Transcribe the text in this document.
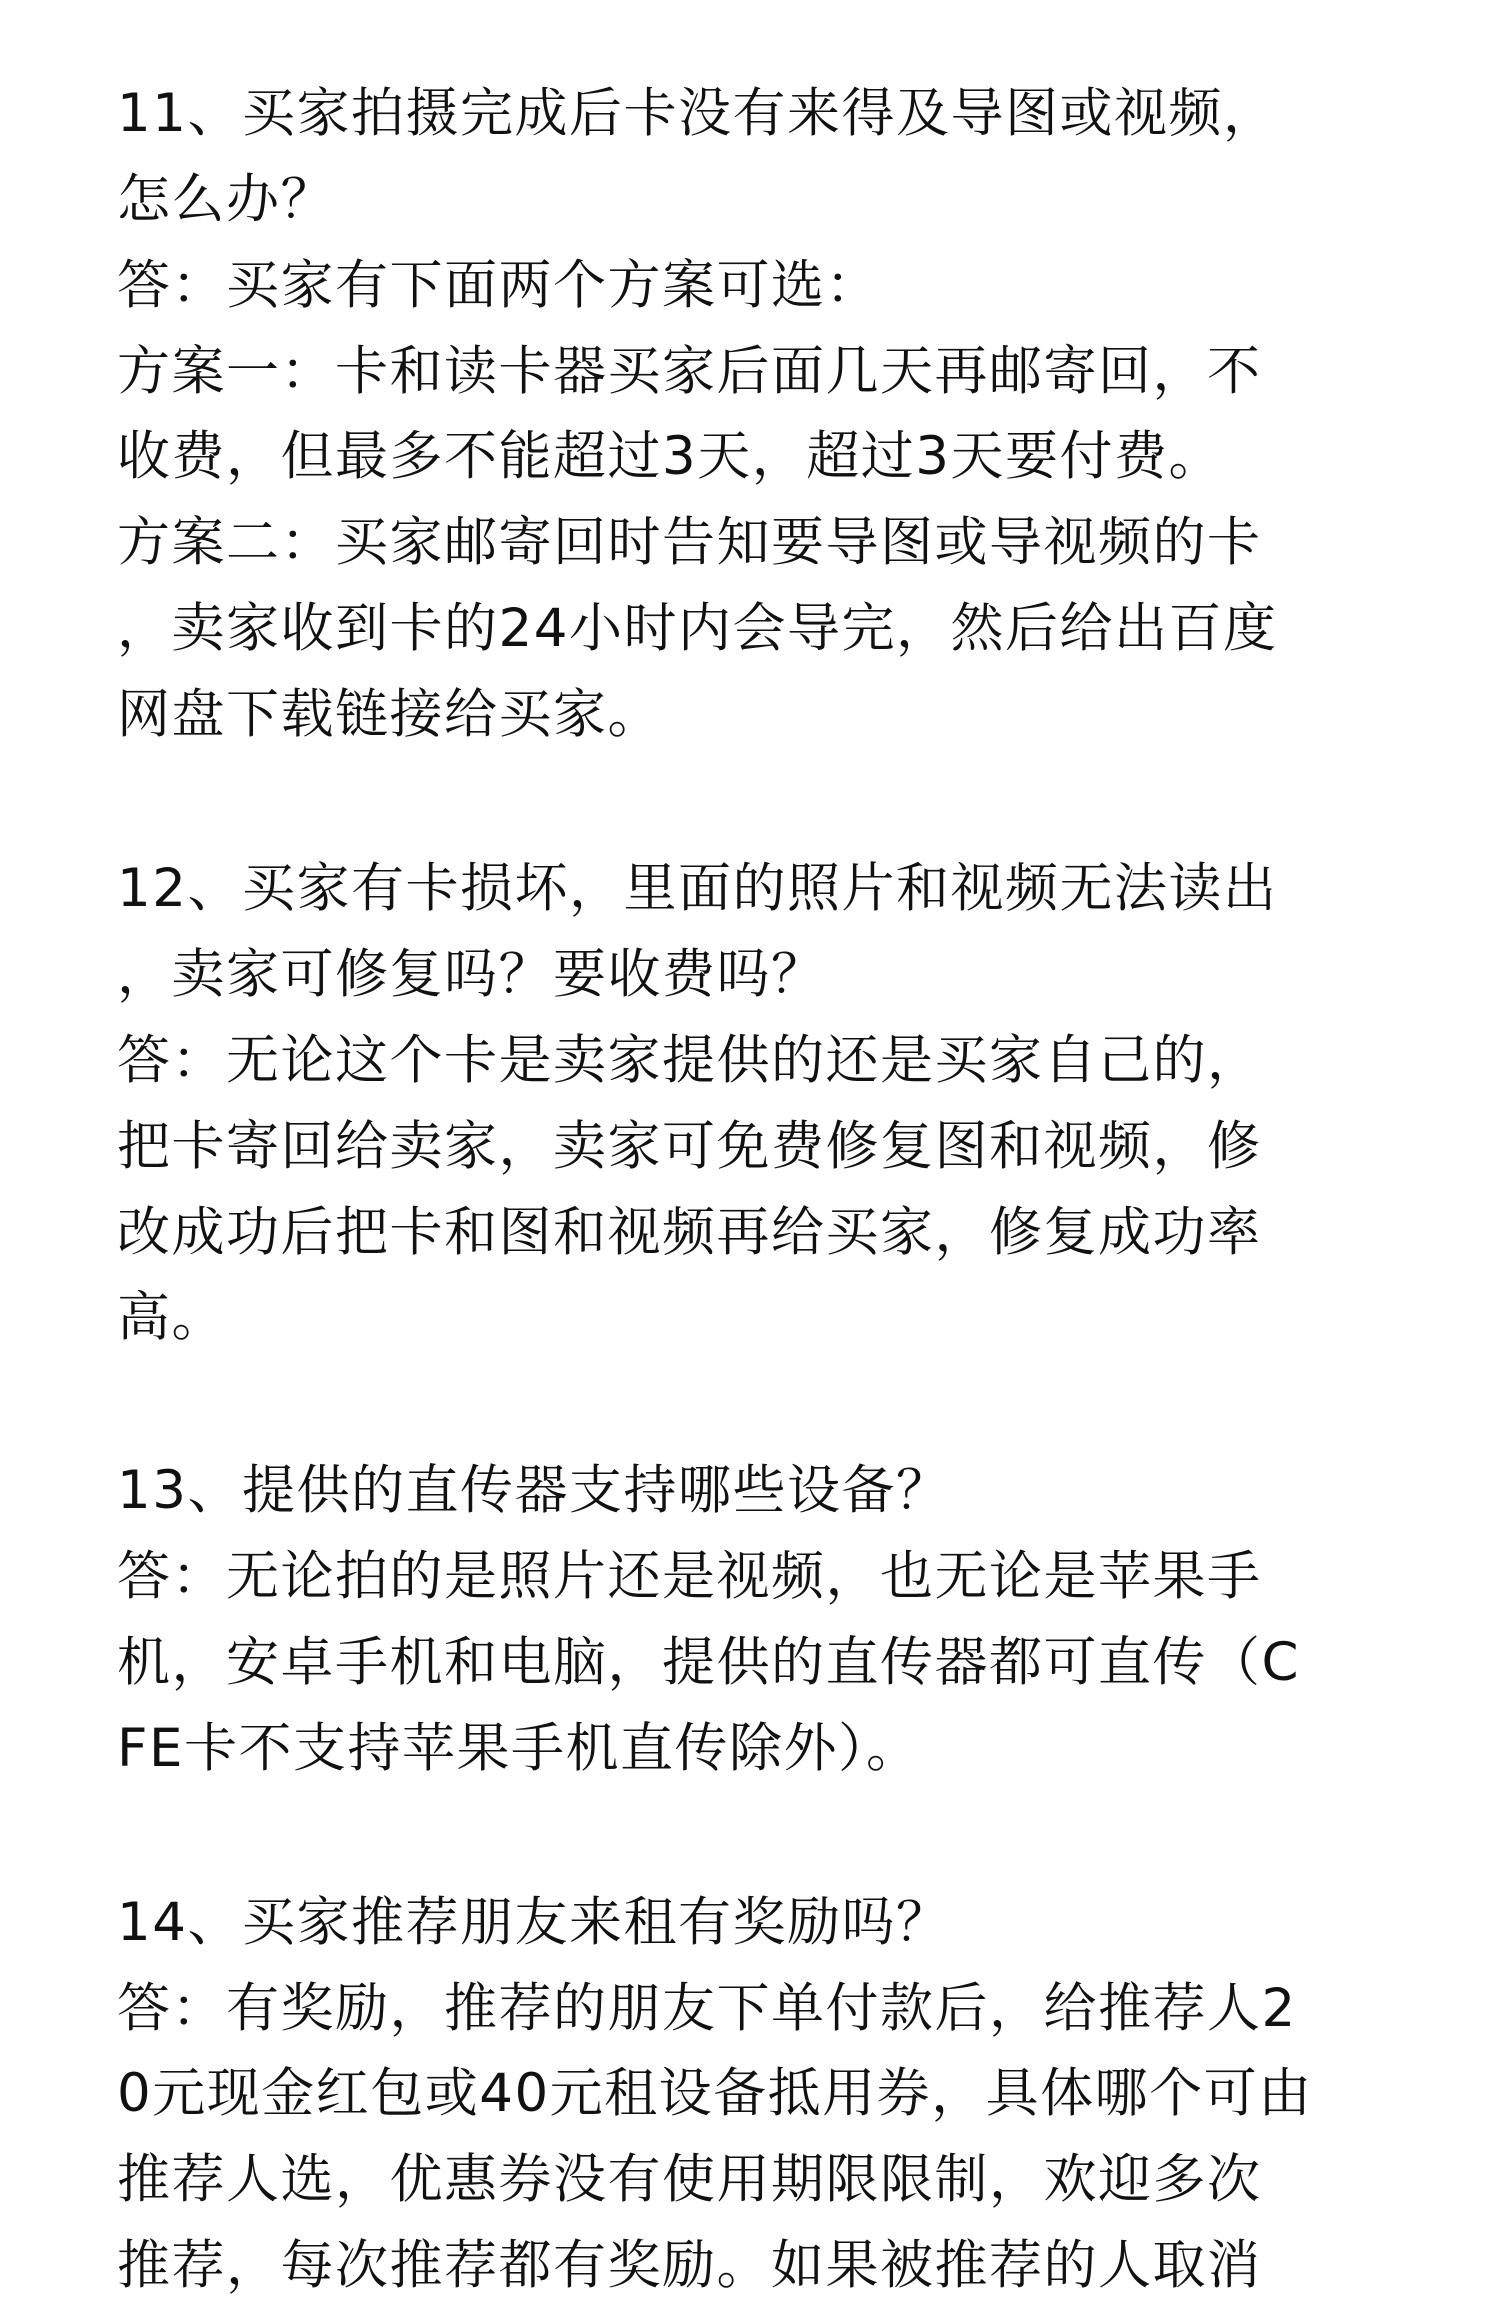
11、买家拍摄完成后卡没有来得及导图或视频，
怎么办？
答：买家有下面两个方案可选：
方案一：卡和读卡器买家后面几天再邮寄回，不
收费，但最多不能超过3天，超过3天要付费。
方案二：买家邮寄回时告知要导图或导视频的卡
，卖家收到卡的24小时内会导完，然后给出百度
网盘下载链接给买家。
12、买家有卡损坏，里面的照片和视频无法读出
，卖家可修复吗？要收费吗？
答：无论这个卡是卖家提供的还是买家自己的，
把卡寄回给卖家，卖家可免费修复图和视频，修
改成功后把卡和图和视频再给买家，修复成功率
高。
13、提供的直传器支持哪些设备？
答：无论拍的是照片还是视频，也无论是苹果手
机，安卓手机和电脑，提供的直传器都可直传（C
FE卡不支持苹果手机直传除外）。
14、买家推荐朋友来租有奖励吗？
答：有奖励，推荐的朋友下单付款后，给推荐人2
0元现金红包或40元租设备抵用券，具体哪个可由
推荐人选，优惠券没有使用期限限制，欢迎多次
推荐，每次推荐都有奖励。如果被推荐的人取消
